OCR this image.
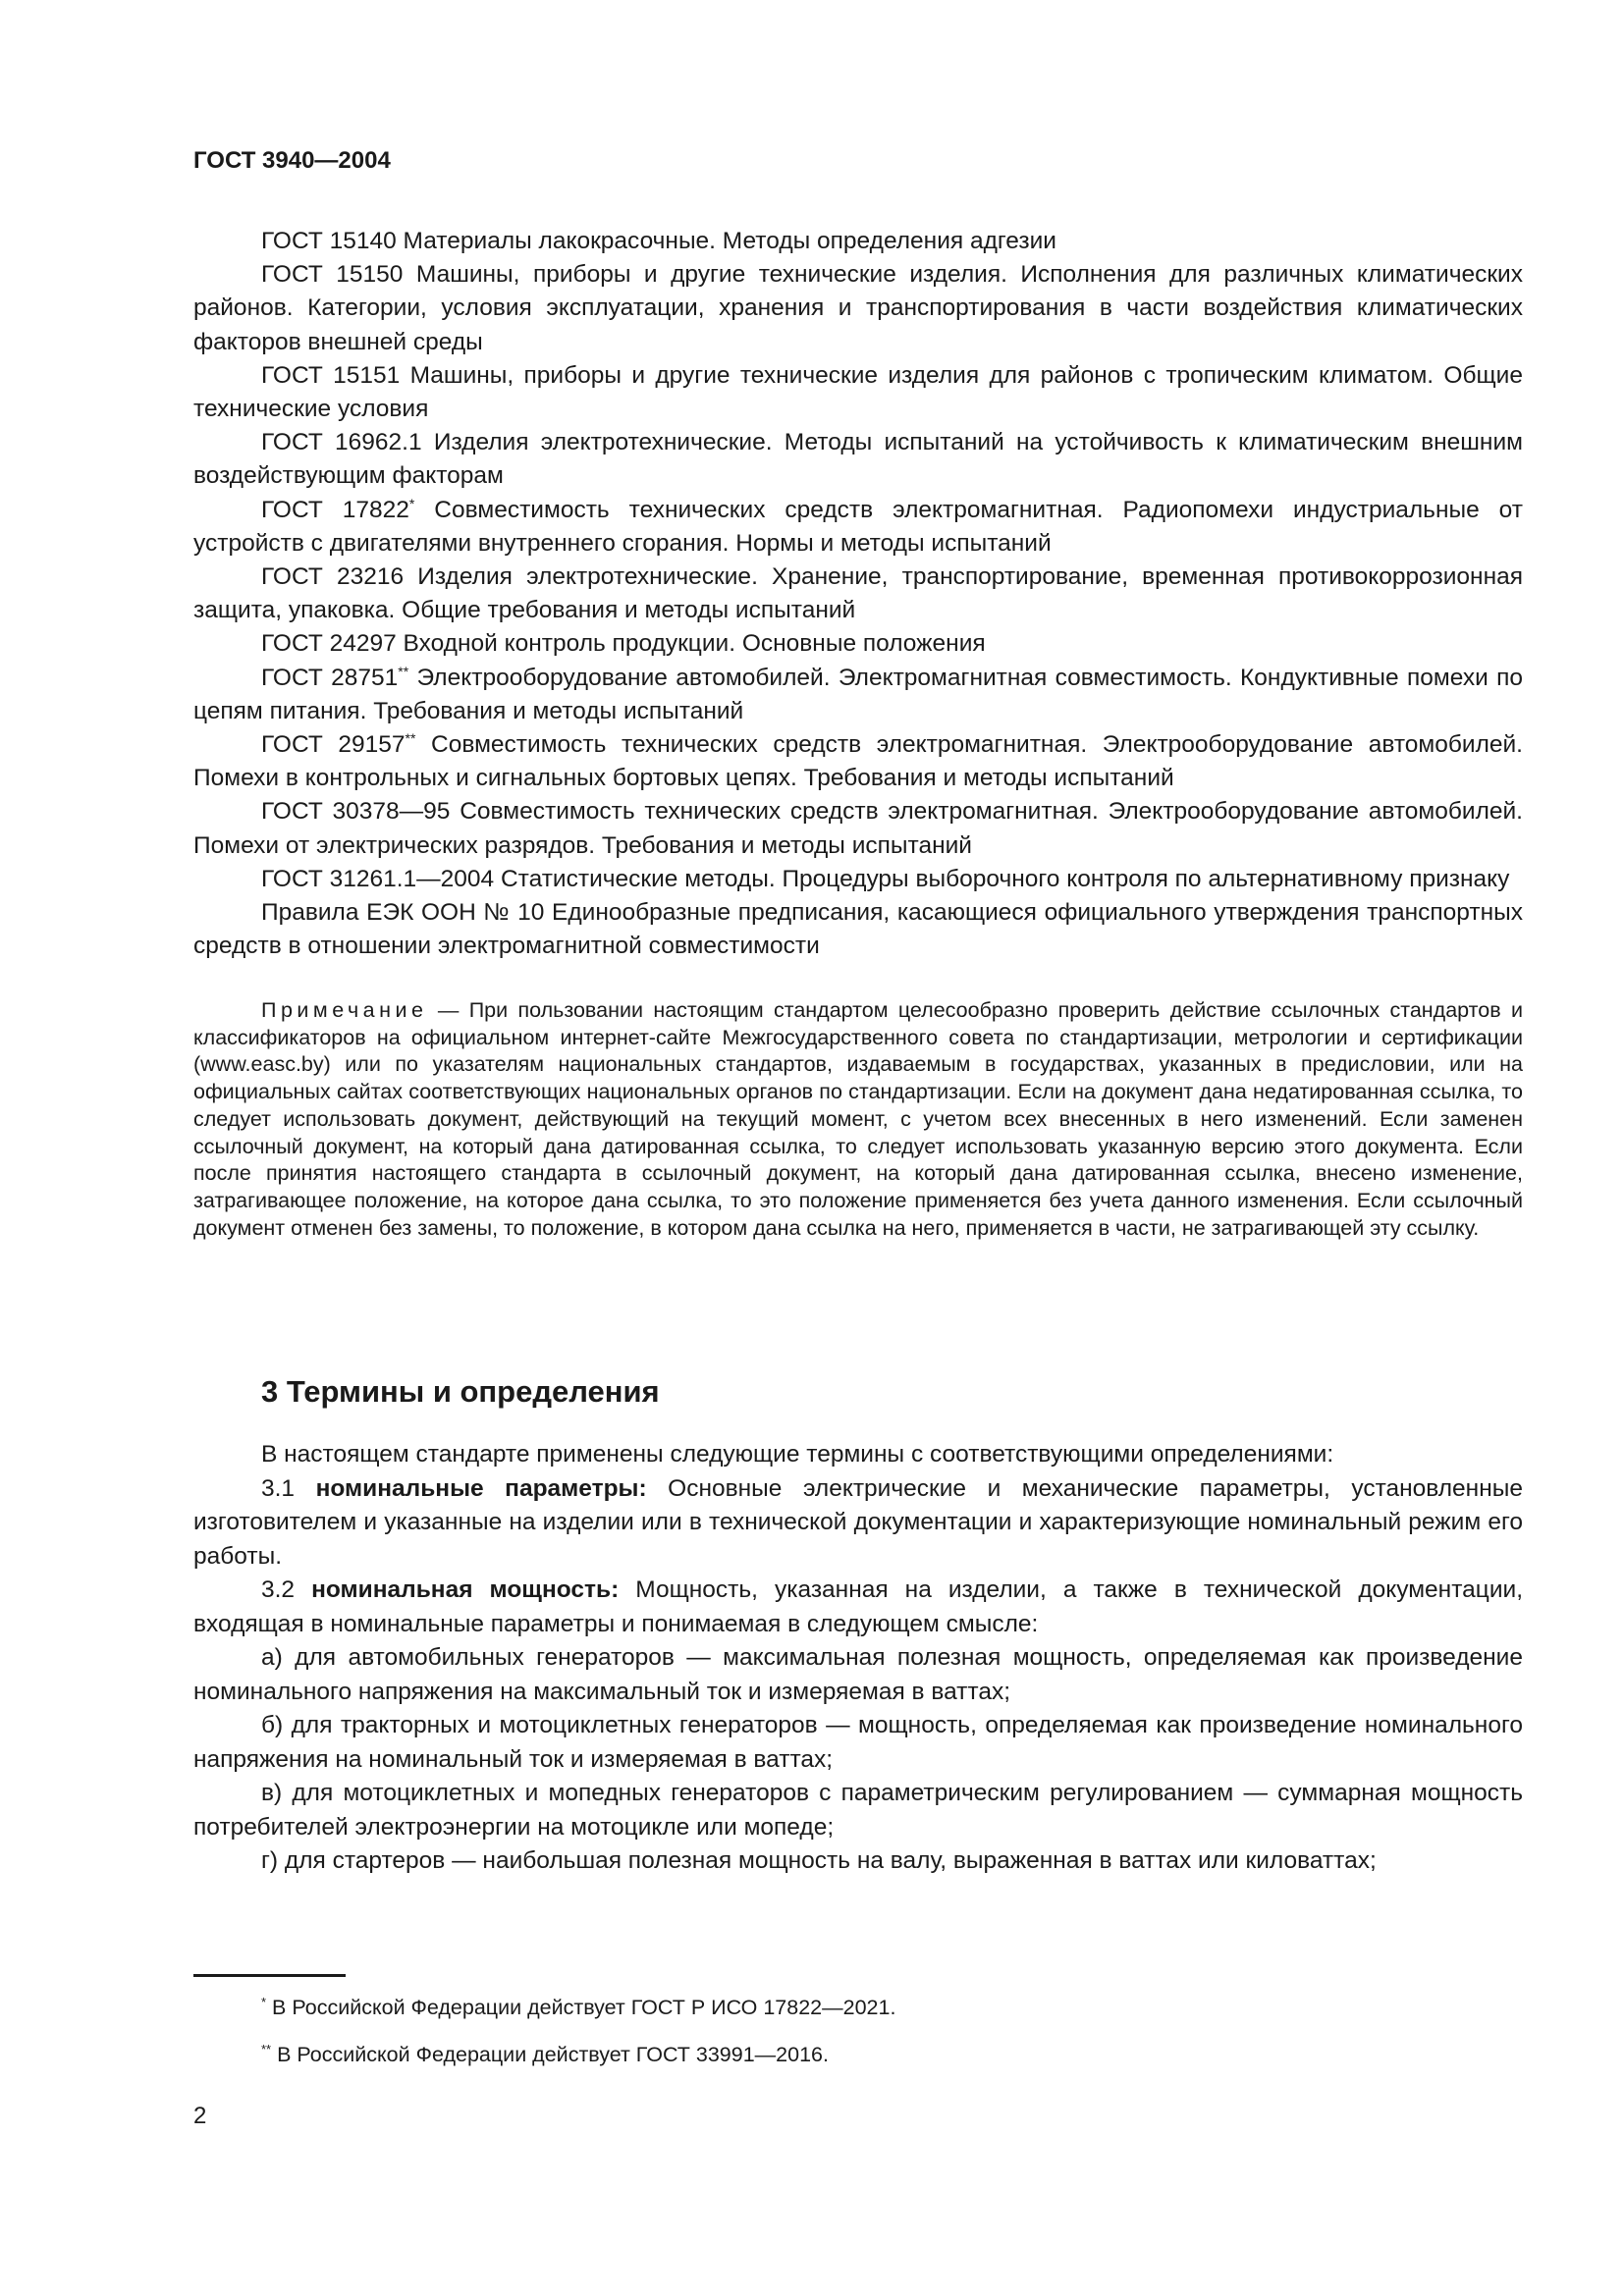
ГОСТ 3940—2004

ГОСТ 15140 Материалы лакокрасочные. Методы определения адгезии

ГОСТ 15150 Машины, приборы и другие технические изделия. Исполнения для различных климатических районов. Категории, условия эксплуатации, хранения и транспортирования в части воздействия климатических факторов внешней среды

ГОСТ 15151 Машины, приборы и другие технические изделия для районов с тропическим климатом. Общие технические условия

ГОСТ 16962.1 Изделия электротехнические. Методы испытаний на устойчивость к климатическим внешним воздействующим факторам

ГОСТ 17822* Совместимость технических средств электромагнитная. Радиопомехи индустриальные от устройств с двигателями внутреннего сгорания. Нормы и методы испытаний

ГОСТ 23216 Изделия электротехнические. Хранение, транспортирование, временная противокоррозионная защита, упаковка. Общие требования и методы испытаний

ГОСТ 24297 Входной контроль продукции. Основные положения

ГОСТ 28751** Электрооборудование автомобилей. Электромагнитная совместимость. Кондуктивные помехи по цепям питания. Требования и методы испытаний

ГОСТ 29157** Совместимость технических средств электромагнитная. Электрооборудование автомобилей. Помехи в контрольных и сигнальных бортовых цепях. Требования и методы испытаний

ГОСТ 30378—95 Совместимость технических средств электромагнитная. Электрооборудование автомобилей. Помехи от электрических разрядов. Требования и методы испытаний

ГОСТ 31261.1—2004 Статистические методы. Процедуры выборочного контроля по альтернативному признаку

Правила ЕЭК ООН № 10 Единообразные предписания, касающиеся официального утверждения транспортных средств в отношении электромагнитной совместимости

Примечание — При пользовании настоящим стандартом целесообразно проверить действие ссылочных стандартов и классификаторов на официальном интернет-сайте Межгосударственного совета по стандартизации, метрологии и сертификации (www.easc.by) или по указателям национальных стандартов, издаваемым в государствах, указанных в предисловии, или на официальных сайтах соответствующих национальных органов по стандартизации. Если на документ дана недатированная ссылка, то следует использовать документ, действующий на текущий момент, с учетом всех внесенных в него изменений. Если заменен ссылочный документ, на который дана датированная ссылка, то следует использовать указанную версию этого документа. Если после принятия настоящего стандарта в ссылочный документ, на который дана датированная ссылка, внесено изменение, затрагивающее положение, на которое дана ссылка, то это положение применяется без учета данного изменения. Если ссылочный документ отменен без замены, то положение, в котором дана ссылка на него, применяется в части, не затрагивающей эту ссылку.

3 Термины и определения

В настоящем стандарте применены следующие термины с соответствующими определениями:

3.1 номинальные параметры: Основные электрические и механические параметры, установленные изготовителем и указанные на изделии или в технической документации и характеризующие номинальный режим его работы.

3.2 номинальная мощность: Мощность, указанная на изделии, а также в технической документации, входящая в номинальные параметры и понимаемая в следующем смысле:

а) для автомобильных генераторов — максимальная полезная мощность, определяемая как произведение номинального напряжения на максимальный ток и измеряемая в ваттах;

б) для тракторных и мотоциклетных генераторов — мощность, определяемая как произведение номинального напряжения на номинальный ток и измеряемая в ваттах;

в) для мотоциклетных и мопедных генераторов с параметрическим регулированием — суммарная мощность потребителей электроэнергии на мотоцикле или мопеде;

г) для стартеров — наибольшая полезная мощность на валу, выраженная в ваттах или киловаттах;

* В Российской Федерации действует ГОСТ Р ИСО 17822—2021.

** В Российской Федерации действует ГОСТ 33991—2016.

2
